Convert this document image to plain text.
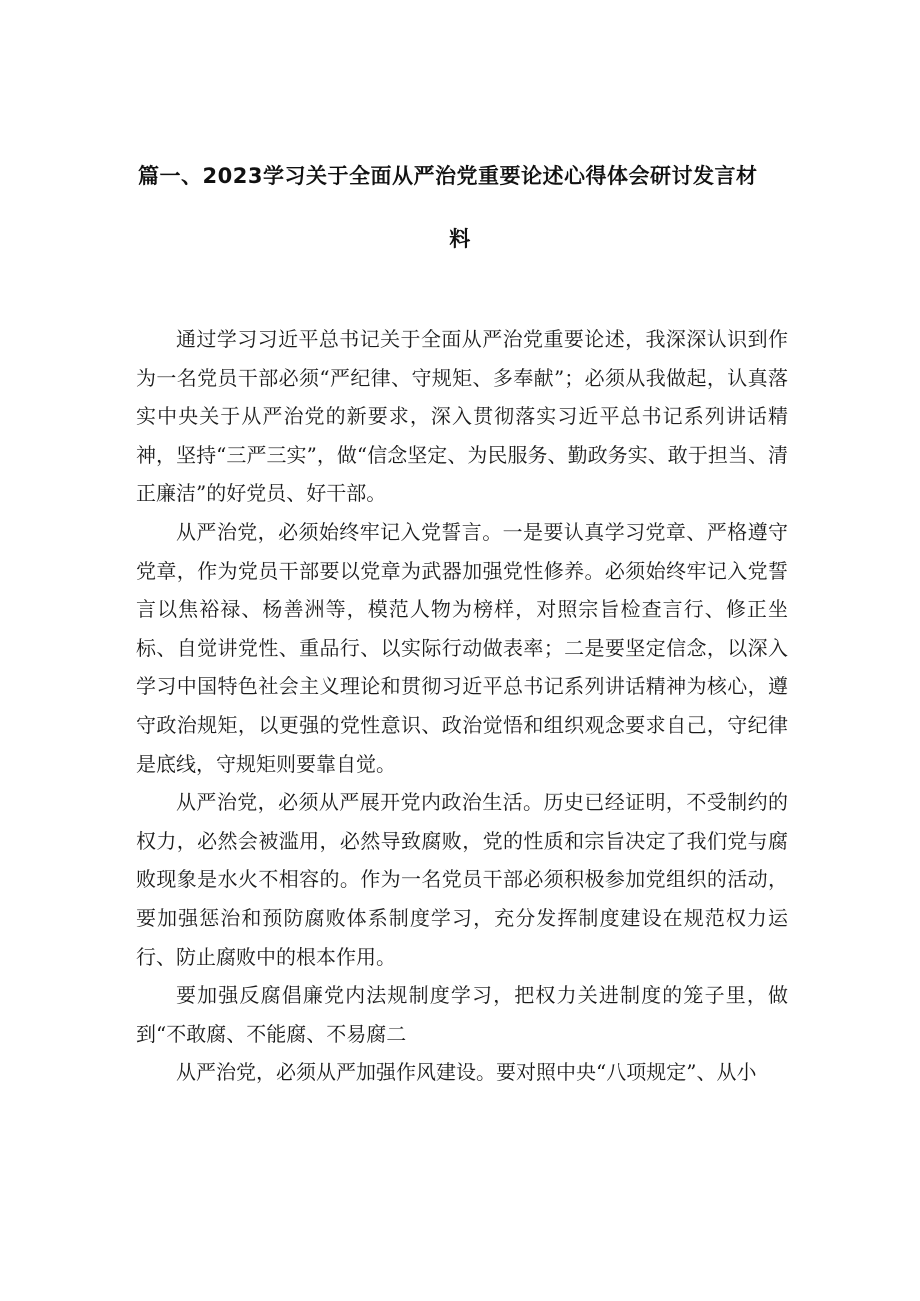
篇一、2023学习关于全面从严治党重要论述心得体会研讨发言材
料

通过学习习近平总书记关于全面从严治党重要论述，我深深认识到作为一名党员干部必须“严纪律、守规矩、多奉献”；必须从我做起，认真落实中央关于从严治党的新要求，深入贯彻落实习近平总书记系列讲话精神，坚持“三严三实”，做“信念坚定、为民服务、勤政务实、敢于担当、清正廉洁”的好党员、好干部。

从严治党，必须始终牢记入党誓言。一是要认真学习党章、严格遵守党章，作为党员干部要以党章为武器加强党性修养。必须始终牢记入党誓言以焦裕禄、杨善洲等，模范人物为榜样，对照宗旨检查言行、修正坐标、自觉讲党性、重品行、以实际行动做表率；二是要坚定信念，以深入学习中国特色社会主义理论和贯彻习近平总书记系列讲话精神为核心，遵守政治规矩，以更强的党性意识、政治觉悟和组织观念要求自己，守纪律是底线，守规矩则要靠自觉。

从严治党，必须从严展开党内政治生活。历史已经证明，不受制约的权力，必然会被滥用，必然导致腐败，党的性质和宗旨决定了我们党与腐败现象是水火不相容的。作为一名党员干部必须积极参加党组织的活动，要加强惩治和预防腐败体系制度学习，充分发挥制度建设在规范权力运行、防止腐败中的根本作用。

要加强反腐倡廉党内法规制度学习，把权力关进制度的笼子里，做到“不敢腐、不能腐、不易腐二

从严治党，必须从严加强作风建设。要对照中央“八项规定”、从小
